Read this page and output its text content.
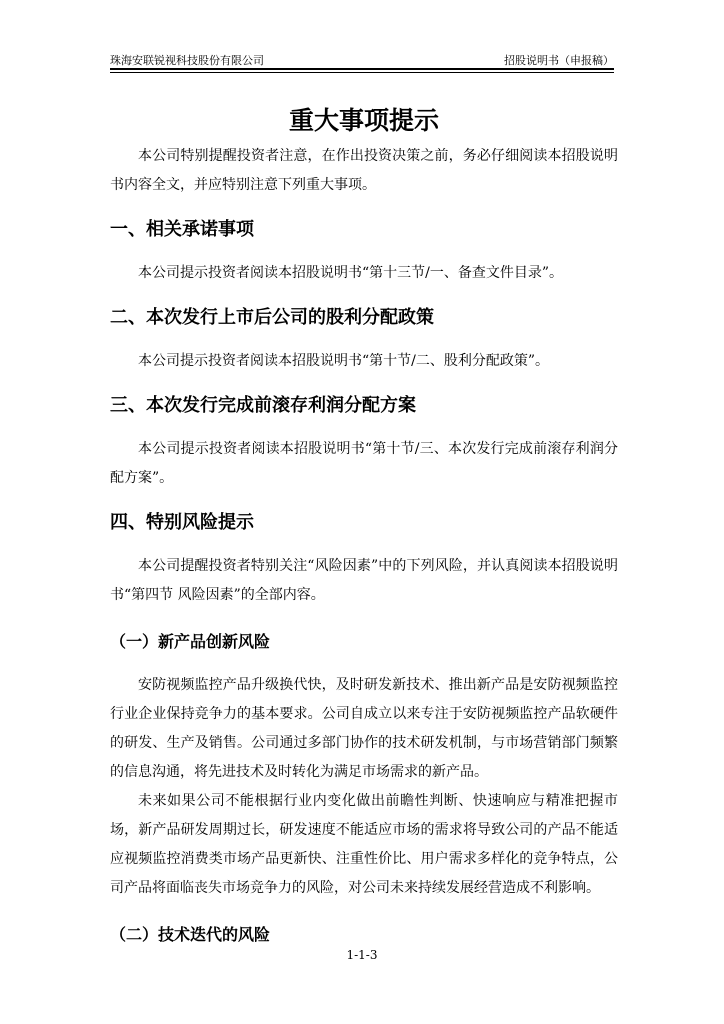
珠海安联锐视科技股份有限公司	招股说明书（申报稿）
重大事项提示

本公司特别提醒投资者注意，在作出投资决策之前，务必仔细阅读本招股说明书内容全文，并应特别注意下列重大事项。

一、相关承诺事项

本公司提示投资者阅读本招股说明书“第十三节/一、备查文件目录”。

二、本次发行上市后公司的股利分配政策

本公司提示投资者阅读本招股说明书“第十节/二、股利分配政策”。

三、本次发行完成前滚存利润分配方案

本公司提示投资者阅读本招股说明书“第十节/三、本次发行完成前滚存利润分配方案”。

四、特别风险提示

本公司提醒投资者特别关注“风险因素”中的下列风险，并认真阅读本招股说明书“第四节 风险因素”的全部内容。

（一）新产品创新风险

安防视频监控产品升级换代快，及时研发新技术、推出新产品是安防视频监控行业企业保持竞争力的基本要求。公司自成立以来专注于安防视频监控产品软硬件的研发、生产及销售。公司通过多部门协作的技术研发机制，与市场营销部门频繁的信息沟通，将先进技术及时转化为满足市场需求的新产品。

未来如果公司不能根据行业内变化做出前瞻性判断、快速响应与精准把握市场，新产品研发周期过长，研发速度不能适应市场的需求将导致公司的产品不能适应视频监控消费类市场产品更新快、注重性价比、用户需求多样化的竞争特点，公司产品将面临丧失市场竞争力的风险，对公司未来持续发展经营造成不利影响。

（二）技术迭代的风险
1-1-3
